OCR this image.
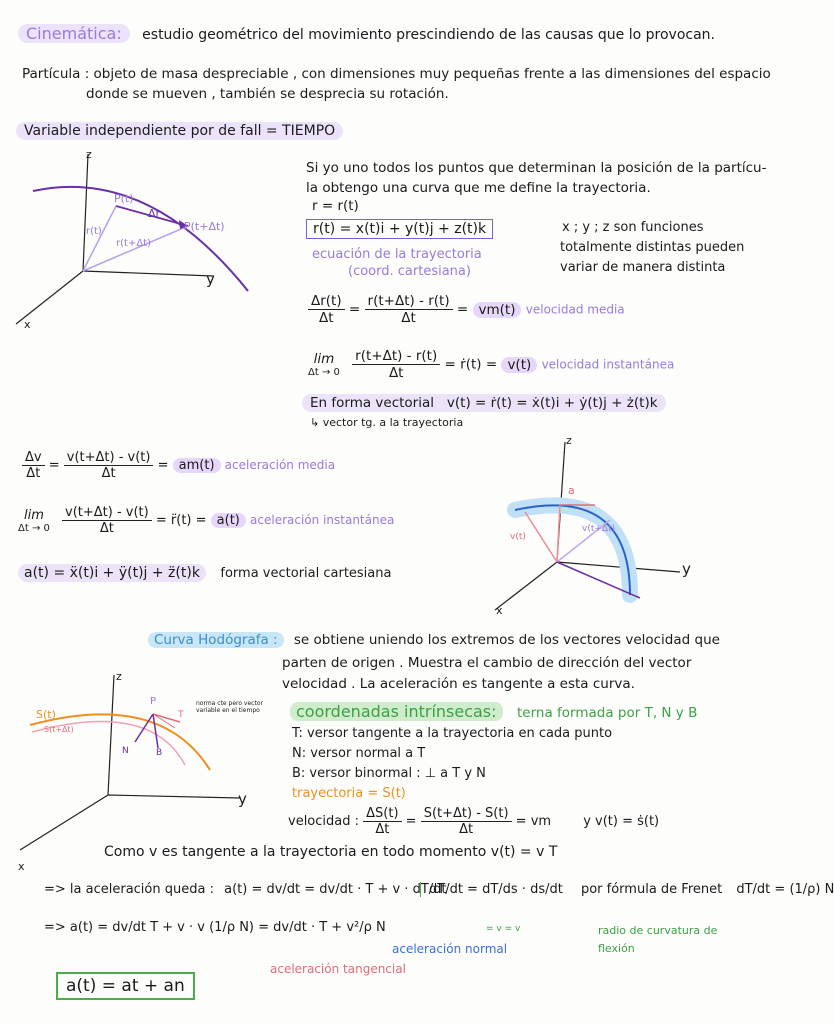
Cinemática: estudio geométrico del movimiento prescindiendo de las causas que lo provocan.
Partícula : objeto de masa despreciable , con dimensiones muy pequeñas frente a las dimensiones del espacio
donde se mueven , también se desprecia su rotación.
Variable independiente por de fall = TIEMPO
z
y
x
P(t)
P(t+Δt)
r(t)
r(t+Δt)
Δr
Si yo uno todos los puntos que determinan la posición de la partícu-
la obtengo una curva que me define la trayectoria.
r = r(t)
r(t) = x(t)i + y(t)j + z(t)k
ecuación de la trayectoria
(coord. cartesiana)
x ; y ; z son funciones
totalmente distintas pueden
variar de manera distinta
$\frac{\Delta r(t)}{\Delta t} = \frac{r(t+\Delta t) - r(t)}{\Delta t} = vm(t)$ velocidad media
lim
Δt → 0
$\frac{r(t+\Delta t) - r(t)}{\Delta t}$ = ṙ(t) = v(t) velocidad instantánea
En forma vectorial v(t) = ṙ(t) = ẋ(t)i + ẏ(t)j + ż(t)k
↳ vector tg. a la trayectoria
$\frac{\Delta v}{\Delta t} = \frac{v(t+\Delta t) - v(t)}{\Delta t} = am(t)$ aceleración media
lim
Δt → 0
$\frac{v(t+\Delta t) - v(t)}{\Delta t}$ = r̈(t) = a(t) aceleración instantánea
a(t) = ẍ(t)i + ÿ(t)j + z̈(t)k forma vectorial cartesiana
z
y
x
a
v(t)
v(t+Δt)
Curva Hodógrafa : se obtiene uniendo los extremos de los vectores velocidad que
parten de origen . Muestra el cambio de dirección del vector
velocidad . La aceleración es tangente a esta curva.
z
y
x
S(t)
S(t+Δt)
P
N	B
T
norma cte pero vector variable en el tiempo	coordenadas intrínsecas: terna formada por T, N y B
T: versor tangente a la trayectoria en cada punto
N: versor normal a T
B: versor binormal : ⊥ a T y N
trayectoria = S(t)
velocidad : $\frac{\Delta S(t)}{\Delta t} = \frac{S(t+\Delta t) - S(t)}{\Delta t}$ = vm y v(t) = ṡ(t)
Como v es tangente a la trayectoria en todo momento v(t) = v T
=> la aceleración queda : a(t) = dv/dt = dv/dt · T + v · dT/dt
dT/dt = dT/ds · ds/dt por fórmula de Frenet dT/dt = (1/ρ) N
= v = v	radio de curvatura de
flexión
=> a(t) = dv/dt T + v · v (1/ρ N) = dv/dt · T + v²/ρ N
aceleración normal
aceleración tangencial
a(t) = at + an
